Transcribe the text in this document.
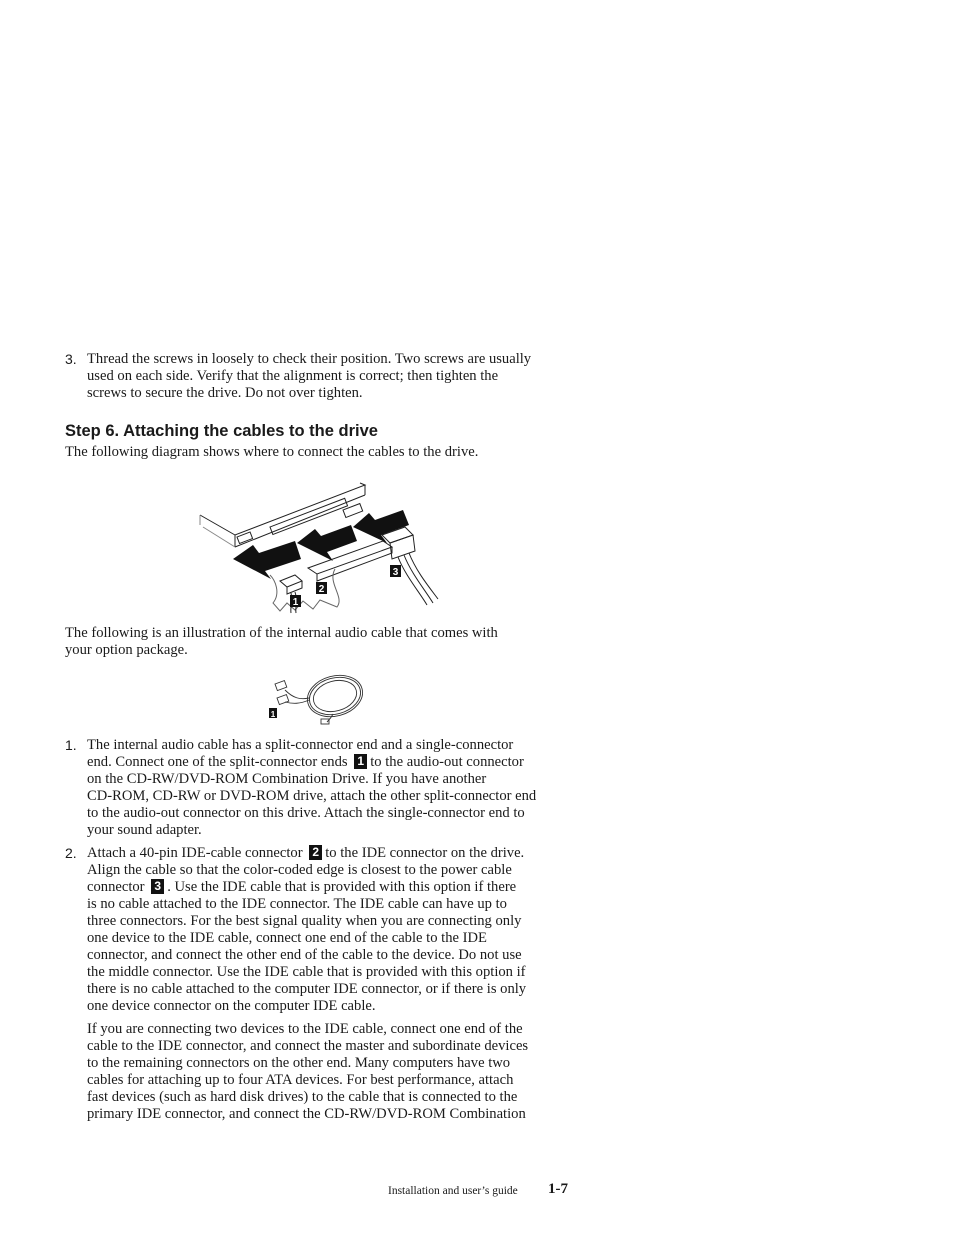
3. Thread the screws in loosely to check their position. Two screws are usually
used on each side. Verify that the alignment is correct; then tighten the
screws to secure the drive. Do not over tighten.
Step 6. Attaching the cables to the drive
The following diagram shows where to connect the cables to the drive.
1
2
3
The following is an illustration of the internal audio cable that comes with
your option package.
1
1. The internal audio cable has a split-connector end and a single-connector
end. Connect one of the split-connector ends 1 to the audio-out connector
on the CD-RW/DVD-ROM Combination Drive. If you have another
CD-ROM, CD-RW or DVD-ROM drive, attach the other split-connector end
to the audio-out connector on this drive. Attach the single-connector end to
your sound adapter.
2. Attach a 40-pin IDE-cable connector 2 to the IDE connector on the drive.
Align the cable so that the color-coded edge is closest to the power cable
connector 3 . Use the IDE cable that is provided with this option if there
is no cable attached to the IDE connector. The IDE cable can have up to
three connectors. For the best signal quality when you are connecting only
one device to the IDE cable, connect one end of the cable to the IDE
connector, and connect the other end of the cable to the device. Do not use
the middle connector. Use the IDE cable that is provided with this option if
there is no cable attached to the computer IDE connector, or if there is only
one device connector on the computer IDE cable.
If you are connecting two devices to the IDE cable, connect one end of the
cable to the IDE connector, and connect the master and subordinate devices
to the remaining connectors on the other end. Many computers have two
cables for attaching up to four ATA devices. For best performance, attach
fast devices (such as hard disk drives) to the cable that is connected to the
primary IDE connector, and connect the CD-RW/DVD-ROM Combination
Installation and user’s guide 1-7
